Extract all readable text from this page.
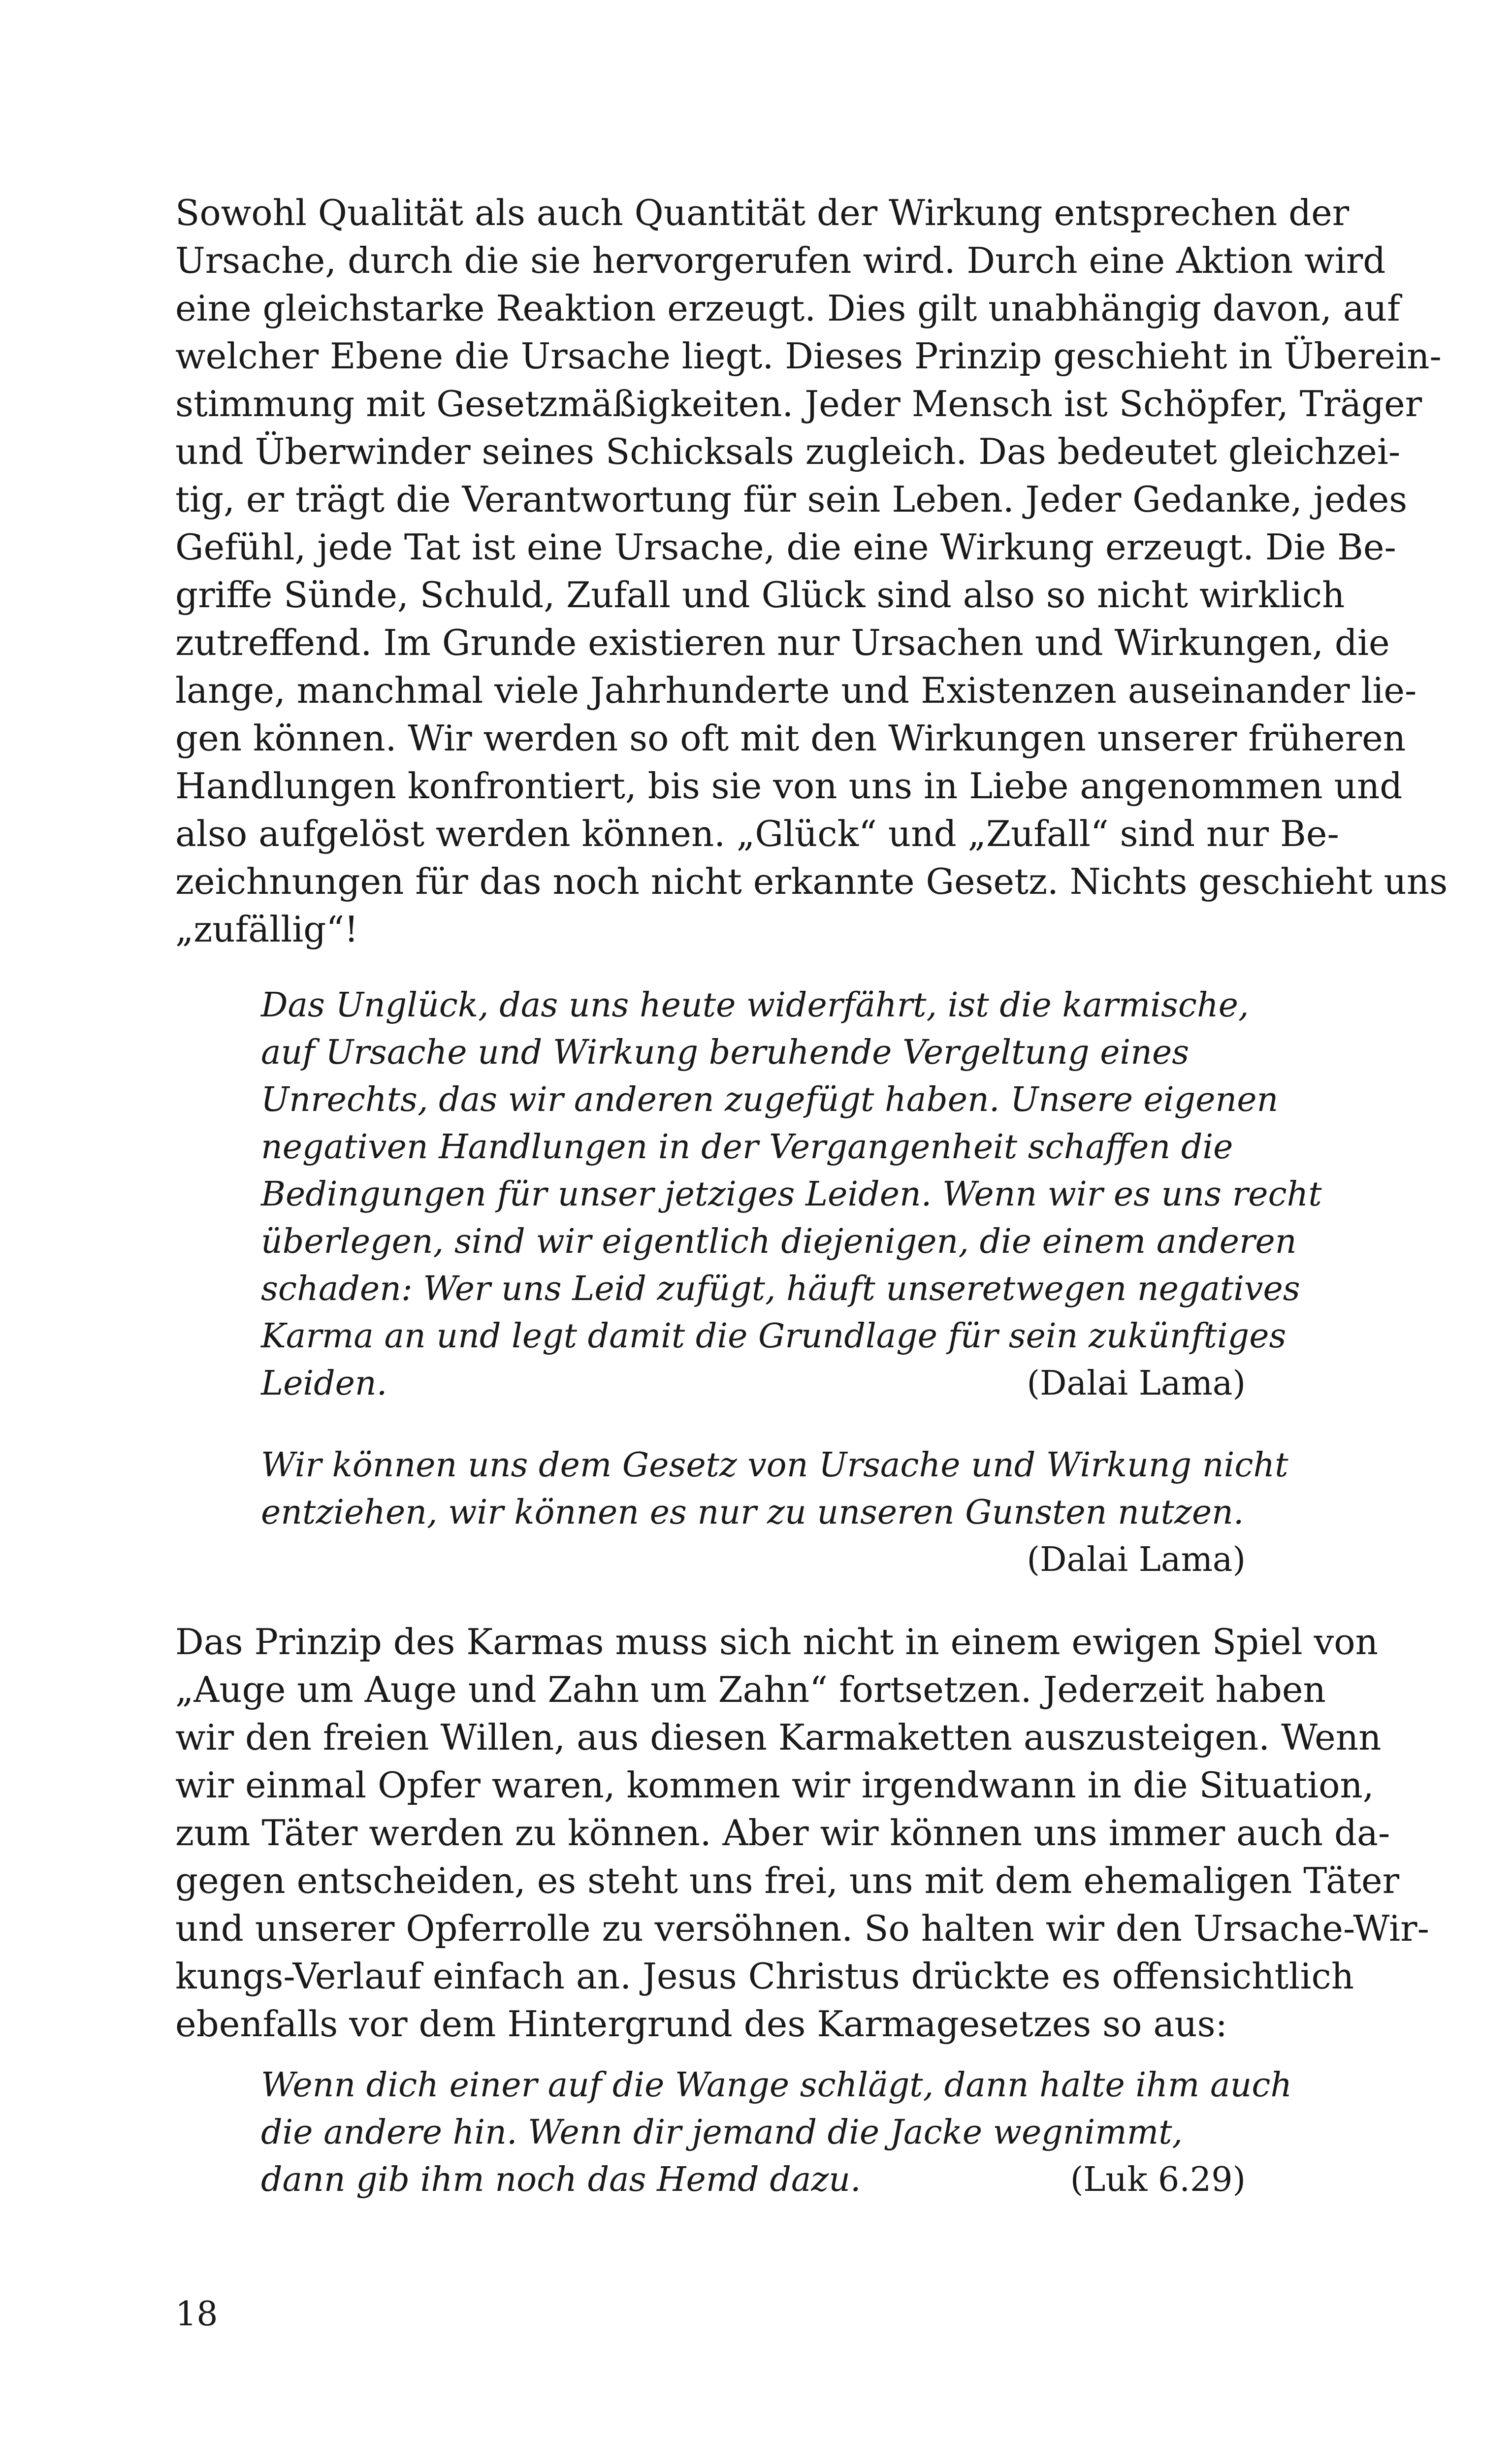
Sowohl Qualität als auch Quantität der Wirkung entsprechen der
Ursache, durch die sie hervorgerufen wird. Durch eine Aktion wird
eine gleichstarke Reaktion erzeugt. Dies gilt unabhängig davon, auf
welcher Ebene die Ursache liegt. Dieses Prinzip geschieht in Überein-
stimmung mit Gesetzmäßigkeiten. Jeder Mensch ist Schöpfer, Träger
und Überwinder seines Schicksals zugleich. Das bedeutet gleichzei-
tig, er trägt die Verantwortung für sein Leben. Jeder Gedanke, jedes
Gefühl, jede Tat ist eine Ursache, die eine Wirkung erzeugt. Die Be-
griffe Sünde, Schuld, Zufall und Glück sind also so nicht wirklich
zutreffend. Im Grunde existieren nur Ursachen und Wirkungen, die
lange, manchmal viele Jahrhunderte und Existenzen auseinander lie-
gen können. Wir werden so oft mit den Wirkungen unserer früheren
Handlungen konfrontiert, bis sie von uns in Liebe angenommen und
also aufgelöst werden können. „Glück“ und „Zufall“ sind nur Be-
zeichnungen für das noch nicht erkannte Gesetz. Nichts geschieht uns
„zufällig“!

Das Unglück, das uns heute widerfährt, ist die karmische,
auf Ursache und Wirkung beruhende Vergeltung eines
Unrechts, das wir anderen zugefügt haben. Unsere eigenen
negativen Handlungen in der Vergangenheit schaffen die
Bedingungen für unser jetziges Leiden. Wenn wir es uns recht
überlegen, sind wir eigentlich diejenigen, die einem anderen
schaden: Wer uns Leid zufügt, häuft unseretwegen negatives
Karma an und legt damit die Grundlage für sein zukünftiges
Leiden.	(Dalai Lama)
Wir können uns dem Gesetz von Ursache und Wirkung nicht
entziehen, wir können es nur zu unseren Gunsten nutzen.
(Dalai Lama)

Das Prinzip des Karmas muss sich nicht in einem ewigen Spiel von
„Auge um Auge und Zahn um Zahn“ fortsetzen. Jederzeit haben
wir den freien Willen, aus diesen Karmaketten auszusteigen. Wenn
wir einmal Opfer waren, kommen wir irgendwann in die Situation,
zum Täter werden zu können. Aber wir können uns immer auch da-
gegen entscheiden, es steht uns frei, uns mit dem ehemaligen Täter
und unserer Opferrolle zu versöhnen. So halten wir den Ursache-Wir-
kungs-Verlauf einfach an. Jesus Christus drückte es offensichtlich
ebenfalls vor dem Hintergrund des Karmagesetzes so aus:

Wenn dich einer auf die Wange schlägt, dann halte ihm auch
die andere hin. Wenn dir jemand die Jacke wegnimmt,
dann gib ihm noch das Hemd dazu.	(Luk 6.29)
18
